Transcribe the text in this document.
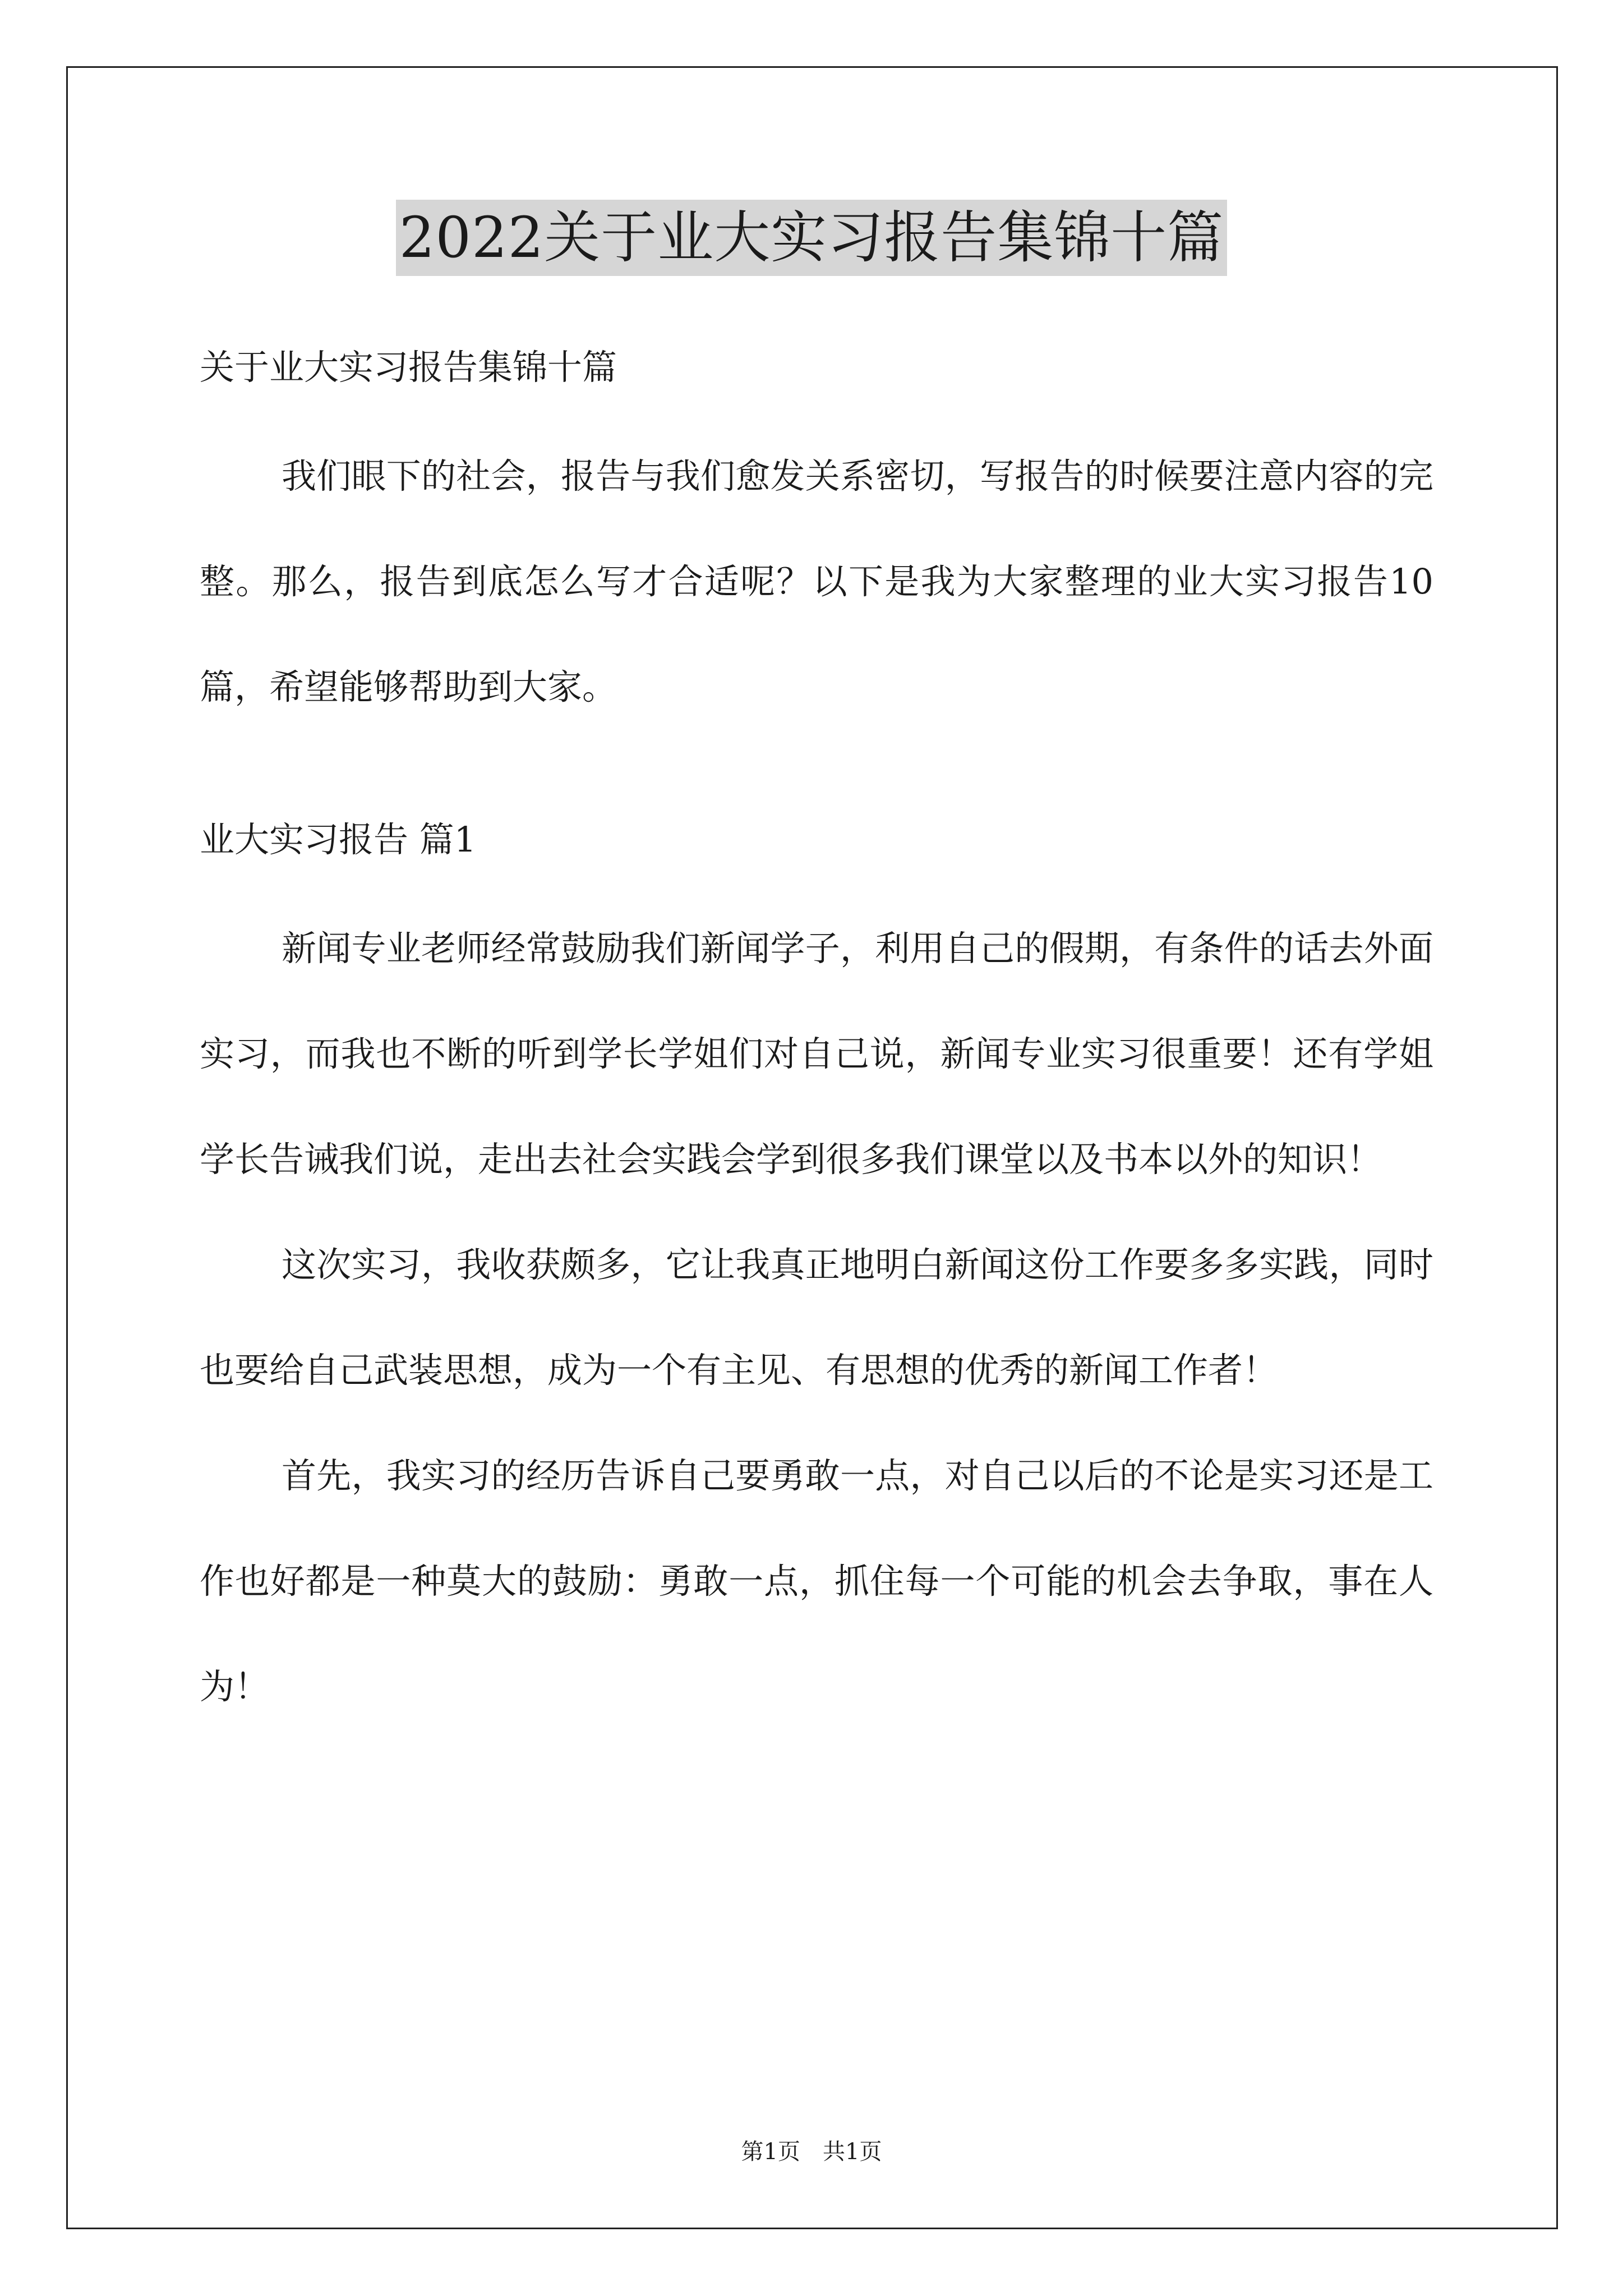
2022关于业大实习报告集锦十篇

关于业大实习报告集锦十篇

我们眼下的社会，报告与我们愈发关系密切，写报告的时候要注意内容的完整。那么，报告到底怎么写才合适呢？以下是我为大家整理的业大实习报告10篇，希望能够帮助到大家。

业大实习报告 篇1

新闻专业老师经常鼓励我们新闻学子，利用自己的假期，有条件的话去外面实习，而我也不断的听到学长学姐们对自己说，新闻专业实习很重要！还有学姐学长告诫我们说，走出去社会实践会学到很多我们课堂以及书本以外的知识！

这次实习，我收获颇多，它让我真正地明白新闻这份工作要多多实践，同时也要给自己武装思想，成为一个有主见、有思想的优秀的新闻工作者！

首先，我实习的经历告诉自己要勇敢一点，对自己以后的不论是实习还是工作也好都是一种莫大的鼓励：勇敢一点，抓住每一个可能的机会去争取，事在人为！

第1页　共1页
